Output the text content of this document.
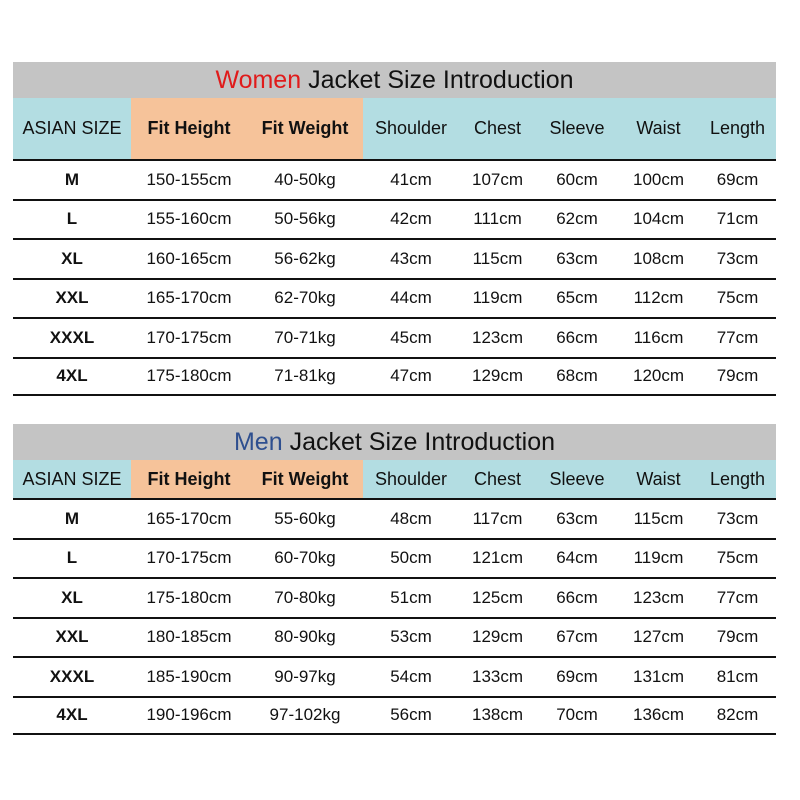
Women Jacket Size Introduction
ASIAN SIZE	Fit Height	Fit Weight	Shoulder	Chest	Sleeve	Waist	Length
M	150-155cm	40-50kg	41cm	107cm	60cm	100cm	69cm
L	155-160cm	50-56kg	42cm	111cm	62cm	104cm	71cm
XL	160-165cm	56-62kg	43cm	115cm	63cm	108cm	73cm
XXL	165-170cm	62-70kg	44cm	119cm	65cm	112cm	75cm
XXXL	170-175cm	70-71kg	45cm	123cm	66cm	116cm	77cm
4XL	175-180cm	71-81kg	47cm	129cm	68cm	120cm	79cm
Men Jacket Size Introduction
ASIAN SIZE	Fit Height	Fit Weight	Shoulder	Chest	Sleeve	Waist	Length
M	165-170cm	55-60kg	48cm	117cm	63cm	115cm	73cm
L	170-175cm	60-70kg	50cm	121cm	64cm	119cm	75cm
XL	175-180cm	70-80kg	51cm	125cm	66cm	123cm	77cm
XXL	180-185cm	80-90kg	53cm	129cm	67cm	127cm	79cm
XXXL	185-190cm	90-97kg	54cm	133cm	69cm	131cm	81cm
4XL	190-196cm	97-102kg	56cm	138cm	70cm	136cm	82cm
